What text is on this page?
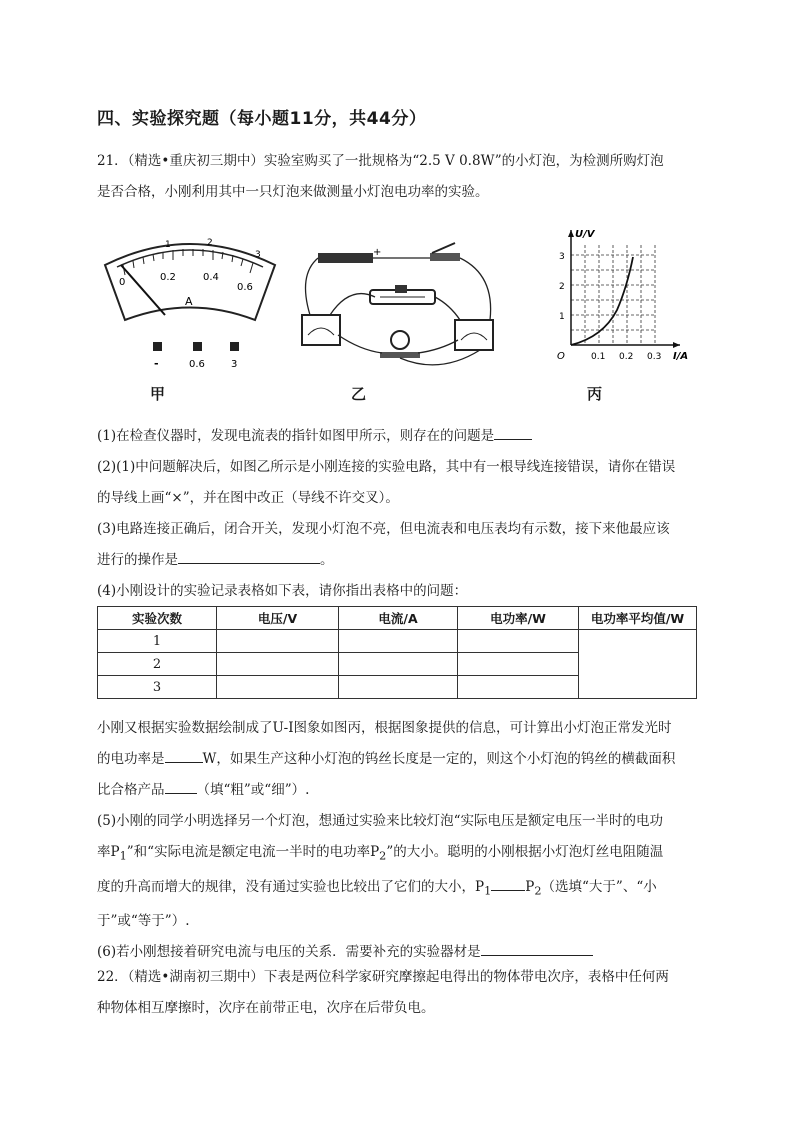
四、实验探究题（每小题11分，共44分）
21．（精选•重庆初三期中）实验室购买了一批规格为“2.5 V 0.8W”的小灯泡，为检测所购灯泡
是否合格，小刚利用其中一只灯泡来做测量小灯泡电功率的实验。
1	2
3
0	0.2	0.4
0.6
A
-	0.6	3
+
U/V
I/A
O
1
2
3
0.1 0.2 0.3
甲	乙	丙
(1)在检查仪器时，发现电流表的指针如图甲所示，则存在的问题是
(2)(1)中问题解决后，如图乙所示是小刚连接的实验电路，其中有一根导线连接错误，请你在错误
的导线上画“×”，并在图中改正（导线不许交叉）。
(3)电路连接正确后，闭合开关，发现小灯泡不亮，但电流表和电压表均有示数，接下来他最应该
进行的操作是	。
(4)小刚设计的实验记录表格如下表，请你指出表格中的问题：
实验次数	电压/V	电流/A	电功率/W	电功率平均值/W
1				
2				
3				
小刚又根据实验数据绘制成了U-I图象如图丙，根据图象提供的信息，可计算出小灯泡正常发光时
的电功率是	W，如果生产这种小灯泡的钨丝长度是一定的，则这个小灯泡的钨丝的横截面积
比合格产品 （填“粗”或“细”）.
(5)小刚的同学小明选择另一个灯泡，想通过实验来比较灯泡“实际电压是额定电压一半时的电功
率$P_1$”和“实际电流是额定电流一半时的电功率$P_2$”的大小。聪明的小刚根据小灯泡灯丝电阻随温
度的升高而增大的规律，没有通过实验也比较出了它们的大小，$P_1$	$P_2$（选填“大于”、“小
于”或“等于”）.
(6)若小刚想接着研究电流与电压的关系．需要补充的实验器材是
22．（精选•湖南初三期中）下表是两位科学家研究摩擦起电得出的物体带电次序，表格中任何两
种物体相互摩擦时，次序在前带正电，次序在后带负电。
